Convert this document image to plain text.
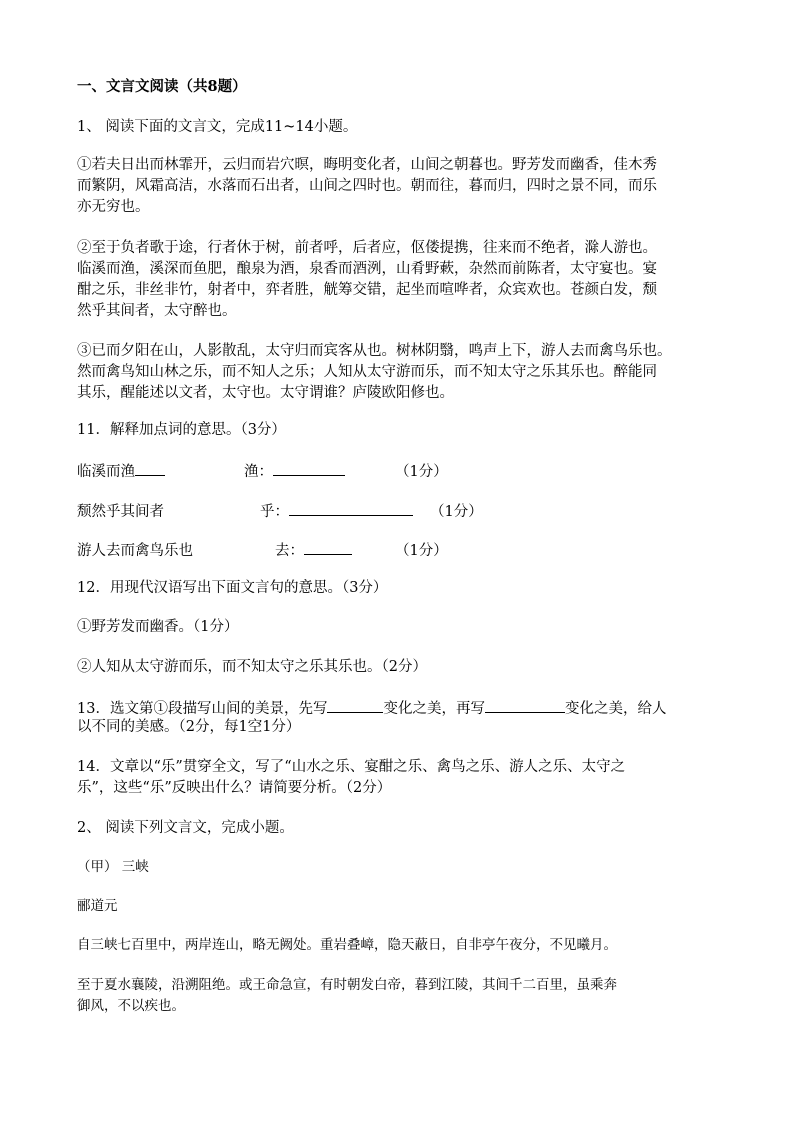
一、文言文阅读（共8题）
1、 阅读下面的文言文，完成11~14小题。

①若夫日出而林霏开，云归而岩穴暝，晦明变化者，山间之朝暮也。野芳发而幽香，佳木秀

而繁阴，风霜高洁，水落而石出者，山间之四时也。朝而往，暮而归，四时之景不同，而乐

亦无穷也。

②至于负者歌于途，行者休于树，前者呼，后者应，伛偻提携，往来而不绝者，滁人游也。

临溪而渔，溪深而鱼肥，酿泉为酒，泉香而酒洌，山肴野蔌，杂然而前陈者，太守宴也。宴

酣之乐，非丝非竹，射者中，弈者胜，觥筹交错，起坐而喧哗者，众宾欢也。苍颜白发，颓

然乎其间者，太守醉也。

③已而夕阳在山，人影散乱，太守归而宾客从也。树林阴翳，鸣声上下，游人去而禽鸟乐也。

然而禽鸟知山林之乐，而不知人之乐；人知从太守游而乐，而不知太守之乐其乐也。醉能同

其乐，醒能述以文者，太守也。太守谓谁？庐陵欧阳修也。

11．解释加点词的意思。（3分）
临溪而渔	渔：	（1分）
颓然乎其间者	乎：	（1分）
游人去而禽鸟乐也	去：	（1分）
12．用现代汉语写出下面文言句的意思。（3分）
①野芳发而幽香。（1分）
②人知从太守游而乐，而不知太守之乐其乐也。（2分）
13．选文第①段描写山间的美景，先写	变化之美，再写	变化之美，给人
以不同的美感。（2分，每1空1分）
14．文章以“乐”贯穿全文，写了“山水之乐、宴酣之乐、禽鸟之乐、游人之乐、太守之
乐”，这些“乐”反映出什么？请简要分析。（2分）
2、 阅读下列文言文，完成小题。
（甲） 三峡
郦道元
自三峡七百里中，两岸连山，略无阙处。重岩叠嶂，隐天蔽日，自非亭午夜分，不见曦月。
至于夏水襄陵，沿溯阻绝。或王命急宣，有时朝发白帝，暮到江陵，其间千二百里，虽乘奔
御风，不以疾也。
